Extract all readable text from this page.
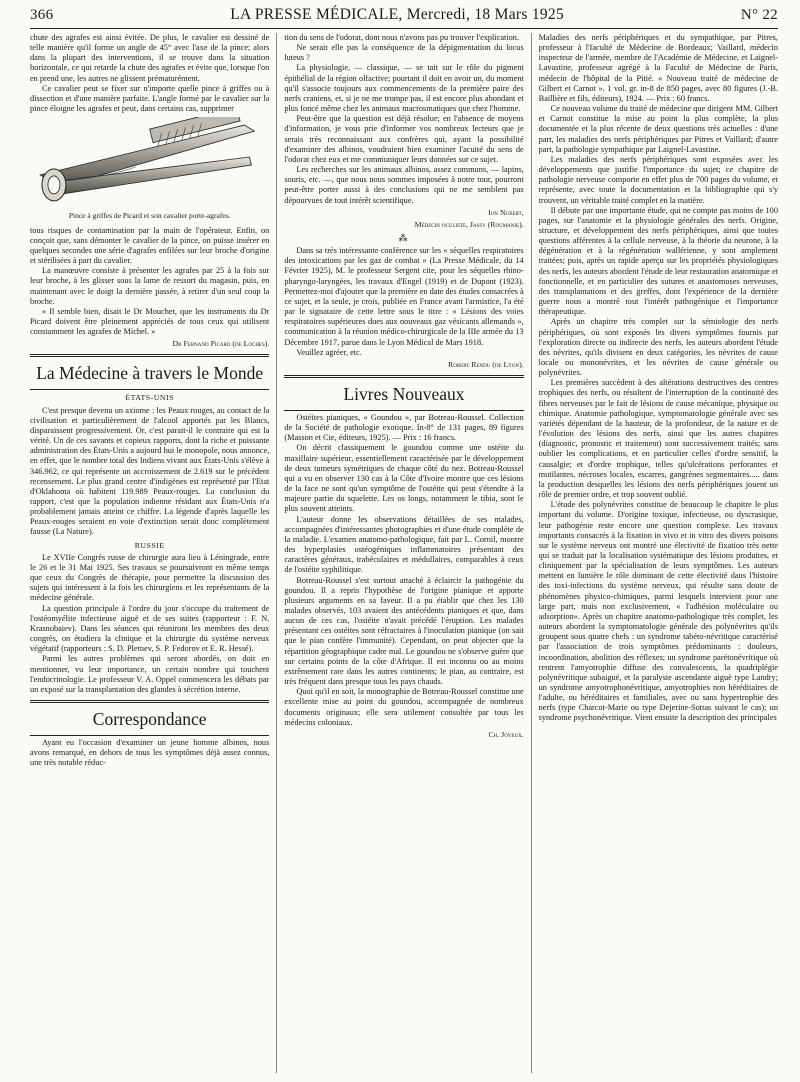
366	LA PRESSE MÉDICALE, Mercredi, 18 Mars 1925	N° 22

chute des agrafes est ainsi évitée. De plus, le cavalier est dessiné de telle manière qu'il forme un angle de 45° avec l'axe de la pince; alors dans la plupart des interventions, il se trouve dans la situation horizontale, ce qui retarde la chute des agrafes et évite que, lorsque l'on en prend une, les autres ne glissent prématurément.

Ce cavalier peut se fixer sur n'importe quelle pince à griffes ou à dissection et d'une manière parfaite. L'angle formé par le cavalier sur la pince éloigne les agrafes et peut, dans certains cas, supprimer

Pince à griffes de Picard et son cavalier porte-agrafes.

tous risques de contamination par la main de l'opérateur. Enfin, on conçoit que, sans démonter le cavalier de la pince, on puisse insérer en quelques secondes une série d'agrafes enfilées sur leur broche d'origine et stérilisées à part du cavalier.

La manœuvre consiste à présenter les agrafes par 25 à la fois sur leur broche, à les glisser sous la lame de ressort du magasin, puis, en maintenant avec le doigt la dernière passée, à retirer d'un seul coup la broche.

« Il semble bien, disait le Dr Mouchet, que les instruments du Dr Picard doivent être pleinement appréciés de tous ceux qui utilisent constamment les agrafes de Michel. »

Dr Fernand Picard (de Loches).
La Médecine à travers le Monde
ÉTATS-UNIS

C'est presque devenu un axiome : les Peaux rouges, au contact de la civilisation et particulièrement de l'alcool apportés par les Blancs, disparaissent progressivement. Or, c'est parait-il le contraire qui est la vérité. Un de ces savants et copieux rapports, dont la riche et puissante administration des États-Unis a aujourd hui le monopole, nous annonce, en effet, que le nombre total des Indiens vivant aux États-Unis s'élève à 346.962, ce qui représente un accroissement de 2.619 sur le précédent recensement. Le plus grand centre d'indigènes est représenté par l'Etat d'Oklahoma où habitent 119.989 Peaux-rouges. La conclusion du rapport, c'est que la population indienne résidant aux États-Unis n'a probablement jamais atteint ce chiffre. La légende d'après laquelle les Peaux-rouges seraient en voie d'extinction serait donc complètement fausse (La Nature).

RUSSIE

Le XVIIe Congrès russe de chirurgie aura lieu à Léningrade, entre le 26 et le 31 Mai 1925. Ses travaux se poursuivront en même temps que ceux du Congrès de thérapie, pour permettre la discussion des sujets qui intéressent à la fois les chirurgiens et les représentants de la médecine générale.

La question principale à l'ordre du jour s'occupe du traitement de l'ostéomyélite infectieuse aiguë et de ses suites (rapporteur : F. N. Krasnobaiev). Dans les séances qui réuniront les membres des deux congrès, on étudiera la clinique et la chirurgie du système nerveux végétatif (rapporteurs : S. D. Pletnev, S. P. Fedorov et E. R. Hessé).

Parmi les autres problèmes qui seront abordés, on doit en mentionner, vu leur importance, un certain nombre qui touchent l'endocrinologie. Le professeur V. A. Oppel commencera les débats par un exposé sur la transplantation des glandes à sécrétion interne.

Correspondance

Ayant eu l'occasion d'examiner un jeune homme albinos, nous avons remarqué, en dehors de tous les symptômes déjà assez connus, une très notable réduc-

tion du sens de l'odorat, dont nous n'avons pas pu trouver l'explication.

Ne serait elle pas la conséquence de la dépigmentation du locus luteus ?

La physiologie, — classique, — se tait sur le rôle du pigment épithélial de la région olfactive; pourtant il doit en avoir un, du moment qu'il s'associe toujours aux commencements de la première paire des nerfs craniens, et, si je ne me trompe pas, il est encore plus abondant et plus foncé même chez les animaux macrosmatiques que chez l'homme.

Peut-être que la question est déjà résolue; en l'absence de moyens d'information, je vous prie d'informer vos nombreux lecteurs que je serais très reconnaissant aux confrères qui, ayant la possibilité d'examiner des albinos, voudraient bien examiner l'acuité du sens de l'odorat chez eux et me communiquer leurs données sur ce sujet.

Les recherches sur les animaux albinos, assez communs, — lapins, souris, etc. —, que nous nous sommes imposées à notre tour, pourront peut-être porter aussi à des conclusions qui ne me semblent pas dépourvues de tout intérêt scientifique.

Ion Nubert,
Médecin oculiste, Jassy (Roumanie).
⁂

Dans sa très intéressante conférence sur les « séquelles respiratoires des intoxications par les gaz de combat » (La Presse Médicale, du 14 Février 1925), M. le professeur Sergent cite, pour les séquelles rhino-pharyngo-laryngées, les travaux d'Engel (1919) et de Dupont (1923). Permettez-moi d'ajouter que la première en date des études consacrées à ce sujet, et la seule, je crois, publiée en France avant l'armistice, l'a été par le signataire de cette lettre sous le titre : « Lésions des voies respiratoires supérieures dues aux nouveaux gaz vésicants allemands », communication à la réunion médico-chirurgicale de la IIIe armée du 13 Décembre 1917, parue dans le Lyon Médical de Mars 1918.

Veuillez agréer, etc.

Robert Rendu (de Lyon).
Livres Nouveaux

Ostéites pianiques, « Goundou », par Botreau-Roussel. Collection de la Société de pathologie exotique. In-8° de 131 pages, 89 figures (Masson et Cie, éditeurs, 1925). — Prix : 16 francs.

On décrit classiquement le goundou comme une ostéite du maxillaire supérieur, essentiellement caractérisée par le développement de deux tumeurs symétriques de chaque côté du nez. Botreau-Roussel qui a vu en observer 130 cas à la Côte d'Ivoire montre que ces lésions de la face ne sont qu'un symptôme de l'ostéite qui peut s'étendre à la majeure partie du squelette. Les os longs, notamment le tibia, sont le plus souvent atteints.

L'auteur donne les observations détaillées de ses malades, accompagnées d'intéressantes photographies et d'une étude complète de la maladie. L'examen anatomo-pathologique, fait par L. Cornil, montre des hyperplasies ostéogéniques inflammatoires présentant des caractères généraux, trabéculaires et médullaires, comparables à ceux de l'ostéite syphilitique.

Botreau-Roussel s'est surtout attaché à éclaircir la pathogénie du goundou. Il a repris l'hypothèse de l'origine pianique et apporte plusieurs arguments en sa faveur. Il a pu établir que chez les 130 malades observés, 103 avaient des antécédents pianiques et que, dans aucun de ces cas, l'ostéite n'avait précédé l'éruption. Les malades présentant ces ostéites sont réfractaires à l'inoculation pianique (on sait que le pian confère l'immunité). Cependant, on peut objecter que la répartition géographique cadre mal. Le goundou ne s'observe guère que sur certains points de la côte d'Afrique. Il est inconnu ou au moins extrêmement rare dans les autres continents; le pian, au contraire, est très fréquent dans presque tous les pays chauds.

Quoi qu'il en soit, la monographie de Botreau-Roussel constitue une excellente mise au point du goundou, accompagnée de nombreux documents originaux; elle sera utilement consultée par tous les médecins coloniaux.

Ch. Joyeux.

Maladies des nerfs périphériques et du sympathique, par Pitres, professeur à l'faculté de Médecine de Bordeaux; Vaillard, médecin inspecteur de l'armée, membre de l'Académie de Médecine, et Laignel-Lavastine, professeur agrégé à la Faculté de Médecine de Paris, médecin de l'hôpital de la Pitié. « Nouveau traité de médecine de Gilbert et Carnot ». 1 vol. gr. in-8 de 850 pages, avec 80 figures (J.-B. Baillière et fils, éditeurs), 1924. — Prix : 60 francs.

Ce nouveau volume du traité de médecine que dirigent MM. Gilbert et Carnot constitue la mise au point la plus complète, la plus documentée et la plus récente de deux questions très actuelles : d'une part, les maladies des nerfs périphériques par Pitres et Vaillard; d'autre part, la pathologie sympathique par Laignel-Lavastine.

Les maladies des nerfs périphériques sont exposées avec les développements que justifie l'importance du sujet; ce chapitre de pathologie nerveuse comporte en effet plus de 700 pages du volume, et représente, avec toute la documentation et la bibliographie qui s'y trouvent, un véritable traité complet en la matière.

Il débute par une importante étude, qui ne compte pas moins de 100 pages, sur l'anatomie et la physiologie générales des nerfs. Origine, structure, et développement des nerfs périphériques, ainsi que toutes questions afférentes à la cellule nerveuse, à la théorie du neurone, à la dégénération et à la régénération wallérienne, y sont amplement traitées; puis, après un rapide aperçu sur les propriétés physiologiques des nerfs, les auteurs abordent l'étude de leur restauration anatomique et fonctionnelle, et en particulier des sutures et anastomoses nerveuses, des transplantations et des greffes, dont l'expérience de la dernière guerre nous a montré tout l'intérêt pathogénique et l'importance thérapeutique.

Après un chapitre très complet sur la sémiologie des nerfs périphériques, où sont exposés les divers symptômes fournis par l'exploration directe ou indirecte des nerfs, les auteurs abordent l'étude des névrites, qu'ils divisent en deux catégories, les névrites de cause locale ou mononévrites, et les névrites de cause générale ou polynévrites.

Les premières succèdent à des altérations destructives des centres trophiques des nerfs, ou résultent de l'interruption de la continuité des fibres nerveuses par le fait de lésions de cause mécanique, physique ou chimique. Anatomie pathologique, symptomatologie générale avec ses variétés dépendant de la hauteur, de la profondeur, de la nature et de l'évolution des lésions des nerfs, ainsi que les autres chapitres (diagnostic, pronostic et traitement) sont successivement traités; sans oublier les complications, et en particulier celles d'ordre sensitif, la causalgie; et d'ordre trophique, telles qu'ulcérations perforantes et mutilantes, nécroses locales, escarres, gangrènes segmentaires..... dans la production desquelles les lésions des nerfs périphériques jouent un rôle de premier ordre, et trop souvent oublié.

L'étude des polynévrites constitue de beaucoup le chapitre le plus important du volume. D'origine toxique, infectieuse, ou dyscrasique, leur pathogénie reste encore une question complexe. Les travaux importants consacrés à la fixation in vivo et in vitro des divers poisons sur le système nerveux ont montré une électivité de fixation très nette qui se traduit par la localisation systématique des lésions produites, et cliniquement par la spécialisation de leurs symptômes. Les auteurs mettent en lumière le rôle dominant de cette électivité dans l'histoire des toxi-infections du système nerveux, qui résulte sans doute de phénomènes physico-chimiques, parmi lesquels intervient pour une large part, mais non exclusivement, « l'adhésion moléculaire ou adsorption». Après un chapitre anatomo-pathologique très complet, les auteurs abordent la symptomatologie générale des polynévrites qu'ils groupent sous quatre chefs : un syndrome tabéto-névritique caractérisé par l'association de trois symptômes prédominants : douleurs, incoordination, abolition des réflexes; un syndrome parétonévritique où rentrent l'amyotrophie diffuse des convalescents, la quadriplégie polynévritique subaiguë, et la paralysie ascendante aiguë type Landry; un syndrome amyotrophonévritique, amyotrophies non héréditaires de l'adulte, ou héréditaires et familiales, avec ou sans hypertrophie des nerfs (type Charcot-Marie ou type Dejerine-Sottas suivant le cas); un syndrome psychonévritique. Vient ensuite la description des principales
